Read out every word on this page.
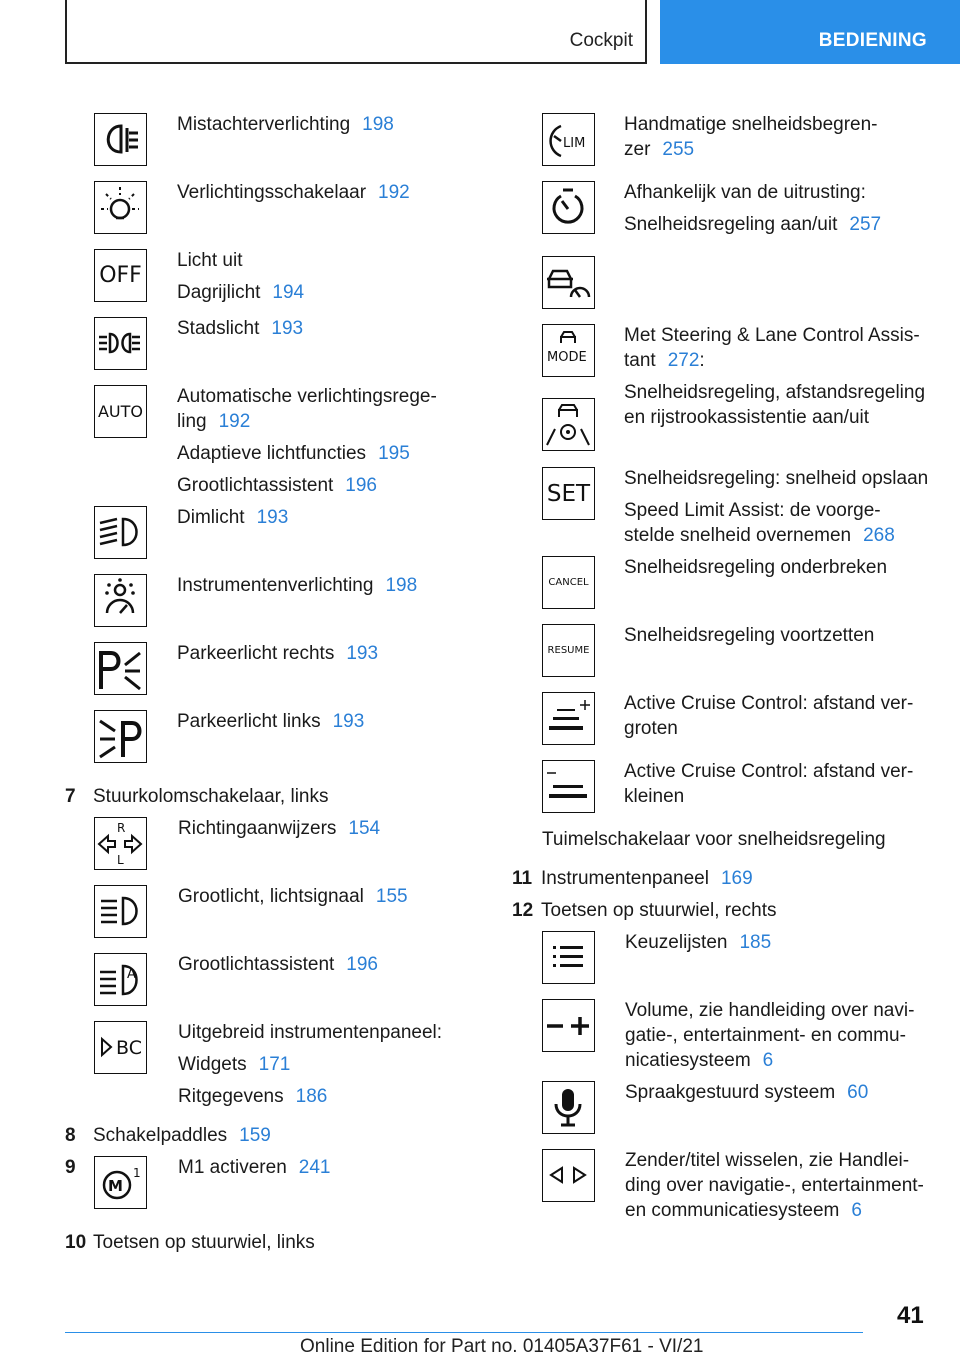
Cockpit	BEDIENING
Mistachterverlichting 198
Verlichtingsschakelaar 192
OFF
Licht uit
Dagrijlicht 194
Stadslicht 193
AUTO
Automatische verlichtingsrege-
ling 192
Adaptieve lichtfuncties 195
Grootlichtassistent 196
Dimlicht 193
Instrumentenverlichting 198
Parkeerlicht rechts 193
Parkeerlicht links 193
7 Stuurkolomschakelaar, links
R
L
Richtingaanwijzers 154
Grootlicht, lichtsignaal 155
A Grootlichtassistent 196
BC
Uitgebreid instrumentenpaneel:
Widgets 171
Ritgegevens 186
8 Schakelpaddles 159
9
M
1 M1 activeren 241
10 Toetsen op stuurwiel, links
LIM
Handmatige snelheidsbegren-
zer 255
Afhankelijk van de uitrusting:
Snelheidsregeling aan/uit 257
MODE
Met Steering & Lane Control Assis-
tant 272:
Snelheidsregeling, afstandsregeling
en rijstrookassistentie aan/uit
SET
Snelheidsregeling: snelheid opslaan
Speed Limit Assist: de voorge-
stelde snelheid overnemen 268
CANCEL
Snelheidsregeling onderbreken
RESUME
Snelheidsregeling voortzetten
Active Cruise Control: afstand ver-
groten
Active Cruise Control: afstand ver-
kleinen
Tuimelschakelaar voor snelheidsregeling
11 Instrumentenpaneel 169
12 Toetsen op stuurwiel, rechts
Keuzelijsten 185
Volume, zie handleiding over navi-
gatie-, entertainment- en commu-
nicatiesysteem 6
Spraakgestuurd systeem 60
Zender/titel wisselen, zie Handlei-
ding over navigatie-, entertainment-
en communicatiesysteem 6
41
Online Edition for Part no. 01405A37F61 - VI/21
